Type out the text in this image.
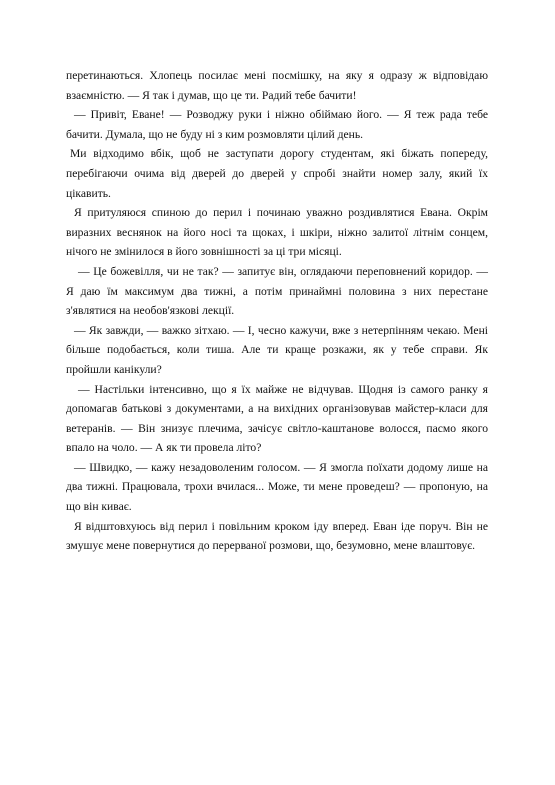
перетинаються. Хлопець посилає мені посмішку, на яку я одразу ж відповідаю взаємністю. — Я так і думав, що це ти. Радий тебе бачити!

— Привіт, Еване! — Розводжу руки і ніжно обіймаю його. — Я теж рада тебе бачити. Думала, що не буду ні з ким розмовляти цілий день.

Ми відходимо вбік, щоб не заступати дорогу студентам, які біжать попереду, перебігаючи очима від дверей до дверей у спробі знайти номер залу, який їх цікавить.

Я притуляюся спиною до перил і починаю уважно роздивлятися Евана. Окрім виразних веснянок на його носі та щоках, і шкіри, ніжно залитої літнім сонцем, нічого не змінилося в його зовнішності за ці три місяці.

— Це божевілля, чи не так? — запитує він, оглядаючи переповнений коридор. — Я даю їм максимум два тижні, а потім принаймні половина з них перестане з'являтися на необов'язкові лекції.

— Як завжди, — важко зітхаю. — І, чесно кажучи, вже з нетерпінням чекаю. Мені більше подобається, коли тиша. Але ти краще розкажи, як у тебе справи. Як пройшли канікули?

— Настільки інтенсивно, що я їх майже не відчував. Щодня із самого ранку я допомагав батькові з документами, а на вихідних організовував майстер-класи для ветеранів. — Він знизує плечима, зачісує світло-каштанове волосся, пасмо якого впало на чоло. — А як ти провела літо?

— Швидко, — кажу незадоволеним голосом. — Я змогла поїхати додому лише на два тижні. Працювала, трохи вчилася... Може, ти мене проведеш? — пропоную, на що він киває.

Я відштовхуюсь від перил і повільним кроком іду вперед. Еван іде поруч. Він не змушує мене повернутися до перерваної розмови, що, безумовно, мене влаштовує.
